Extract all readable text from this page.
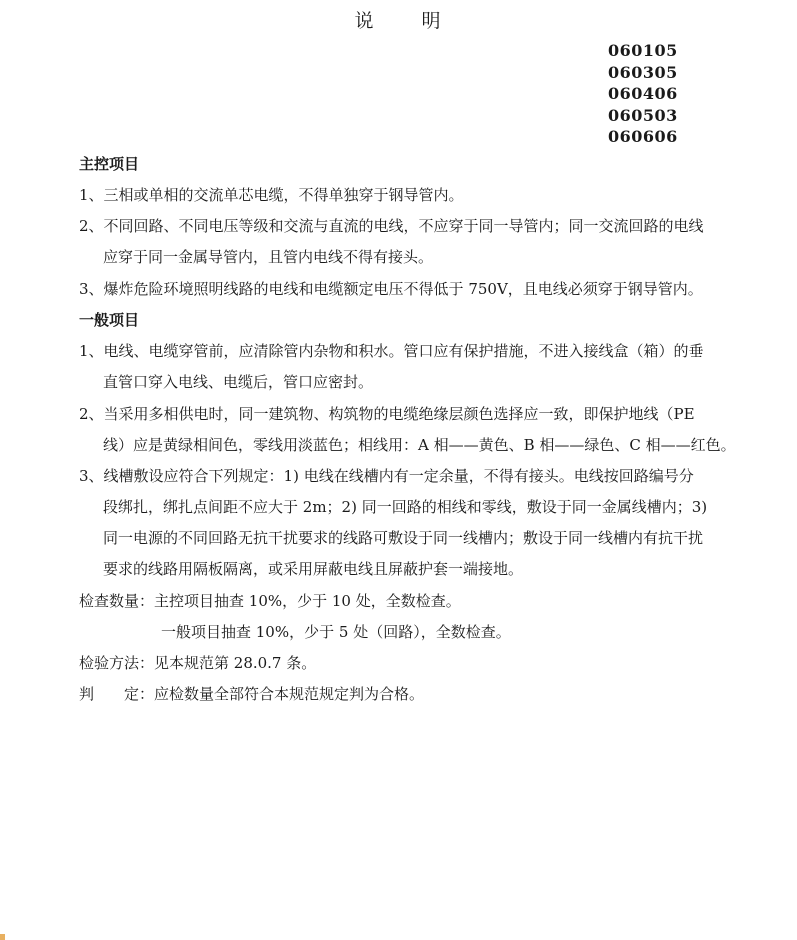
说 明
060105
060305
060406
060503
060606
主控项目
1、三相或单相的交流单芯电缆，不得单独穿于钢导管内。
2、不同回路、不同电压等级和交流与直流的电线，不应穿于同一导管内；同一交流回路的电线
应穿于同一金属导管内，且管内电线不得有接头。
3、爆炸危险环境照明线路的电线和电缆额定电压不得低于 750V，且电线必须穿于钢导管内。
一般项目
1、电线、电缆穿管前，应清除管内杂物和积水。管口应有保护措施，不进入接线盒（箱）的垂
直管口穿入电线、电缆后，管口应密封。
2、当采用多相供电时，同一建筑物、构筑物的电缆绝缘层颜色选择应一致，即保护地线（PE
线）应是黄绿相间色，零线用淡蓝色；相线用：A 相——黄色、B 相——绿色、C 相——红色。
3、线槽敷设应符合下列规定：1) 电线在线槽内有一定余量，不得有接头。电线按回路编号分
段绑扎，绑扎点间距不应大于 2m；2) 同一回路的相线和零线，敷设于同一金属线槽内；3)
同一电源的不同回路无抗干扰要求的线路可敷设于同一线槽内；敷设于同一线槽内有抗干扰
要求的线路用隔板隔离，或采用屏蔽电线且屏蔽护套一端接地。
检查数量：主控项目抽查 10%，少于 10 处，全数检查。
一般项目抽查 10%，少于 5 处（回路），全数检查。
检验方法：见本规范第 28.0.7 条。
判　　定：应检数量全部符合本规范规定判为合格。
